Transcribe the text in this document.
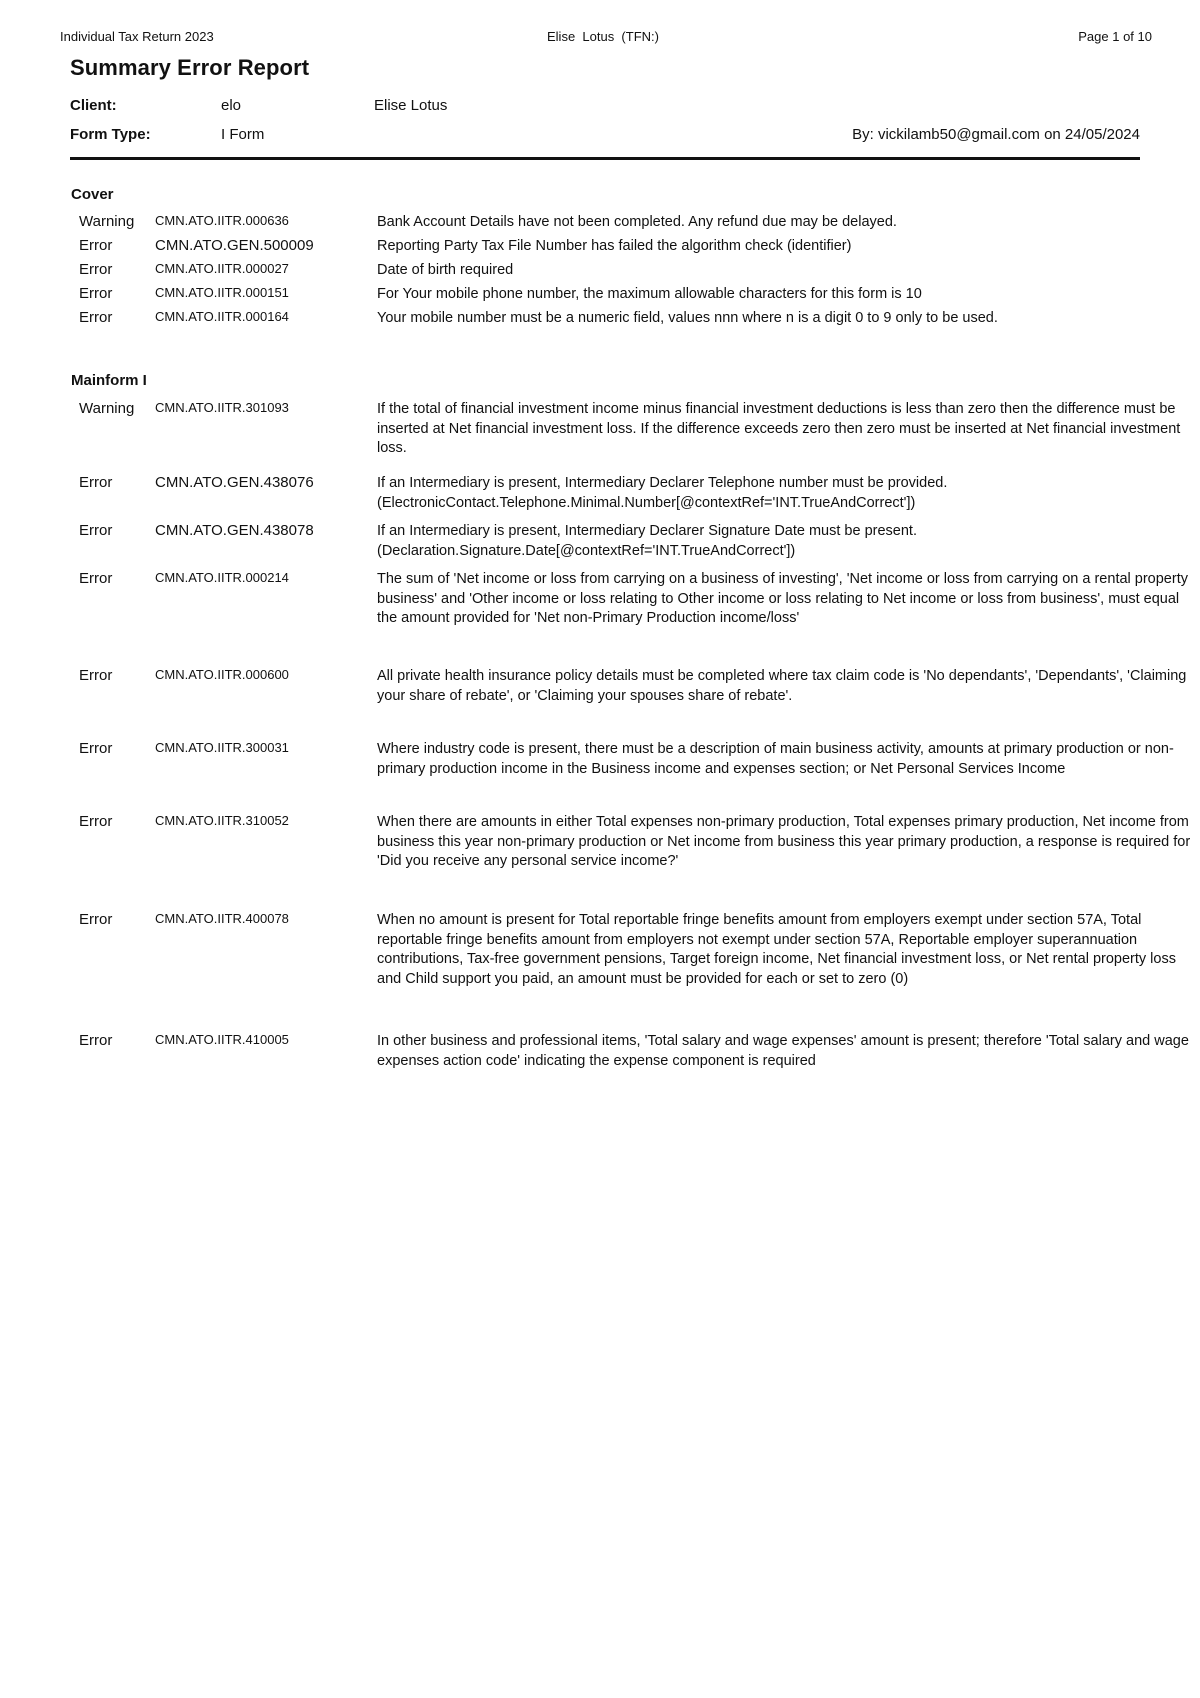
Individual Tax Return 2023	Elise  Lotus  (TFN:)	Page 1 of 10
Summary Error Report
Client:	elo	Elise Lotus
Form Type:	I Form	By: vickilamb50@gmail.com on 24/05/2024
Cover
Warning CMN.ATO.IITR.000636	Bank Account Details have not been completed. Any refund due may be delayed.
Error	CMN.ATO.GEN.500009	Reporting Party Tax File Number has failed the algorithm check (identifier)
Error	CMN.ATO.IITR.000027	Date of birth required
Error	CMN.ATO.IITR.000151	For Your mobile phone number, the maximum allowable characters for this form is 10
Error	CMN.ATO.IITR.000164	Your mobile number must be a numeric field, values nnn where n is a digit 0 to 9 only to be used.
Mainform I
Warning CMN.ATO.IITR.301093	If the total of financial investment income minus financial investment deductions is less than zero then the difference must be inserted at Net financial investment loss. If the difference exceeds zero then zero must be inserted at Net financial investment loss.
Error	CMN.ATO.GEN.438076	If an Intermediary is present, Intermediary Declarer Telephone number must be provided. (ElectronicContact.Telephone.Minimal.Number[@contextRef='INT.TrueAndCorrect'])
Error	CMN.ATO.GEN.438078	If an Intermediary is present, Intermediary Declarer Signature Date must be present. (Declaration.Signature.Date[@contextRef='INT.TrueAndCorrect'])
Error	CMN.ATO.IITR.000214	The sum of 'Net income or loss from carrying on a business of investing', 'Net income or loss from carrying on a rental property business' and 'Other income or loss relating to Other income or loss relating to Net income or loss from business', must equal the amount provided for 'Net non-Primary Production income/loss'
Error	CMN.ATO.IITR.000600	All private health insurance policy details must be completed where tax claim code is 'No dependants', 'Dependants', 'Claiming your share of rebate', or 'Claiming your spouses share of rebate'.
Error	CMN.ATO.IITR.300031	Where industry code is present, there must be a description of main business activity, amounts at primary production or non-primary production income in the Business income and expenses section; or Net Personal Services Income
Error	CMN.ATO.IITR.310052	When there are amounts in either Total expenses non-primary production, Total expenses primary production, Net income from business this year non-primary production or Net income from business this year primary production, a response is required for 'Did you receive any personal service income?'
Error	CMN.ATO.IITR.400078	When no amount is present for Total reportable fringe benefits amount from employers exempt under section 57A, Total reportable fringe benefits amount from employers not exempt under section 57A, Reportable employer superannuation contributions, Tax-free government pensions, Target foreign income, Net financial investment loss, or Net rental property loss and Child support you paid, an amount must be provided for each or set to zero (0)
Error	CMN.ATO.IITR.410005	In other business and professional items, 'Total salary and wage expenses' amount is present; therefore 'Total salary and wage expenses action code' indicating the expense component is required
